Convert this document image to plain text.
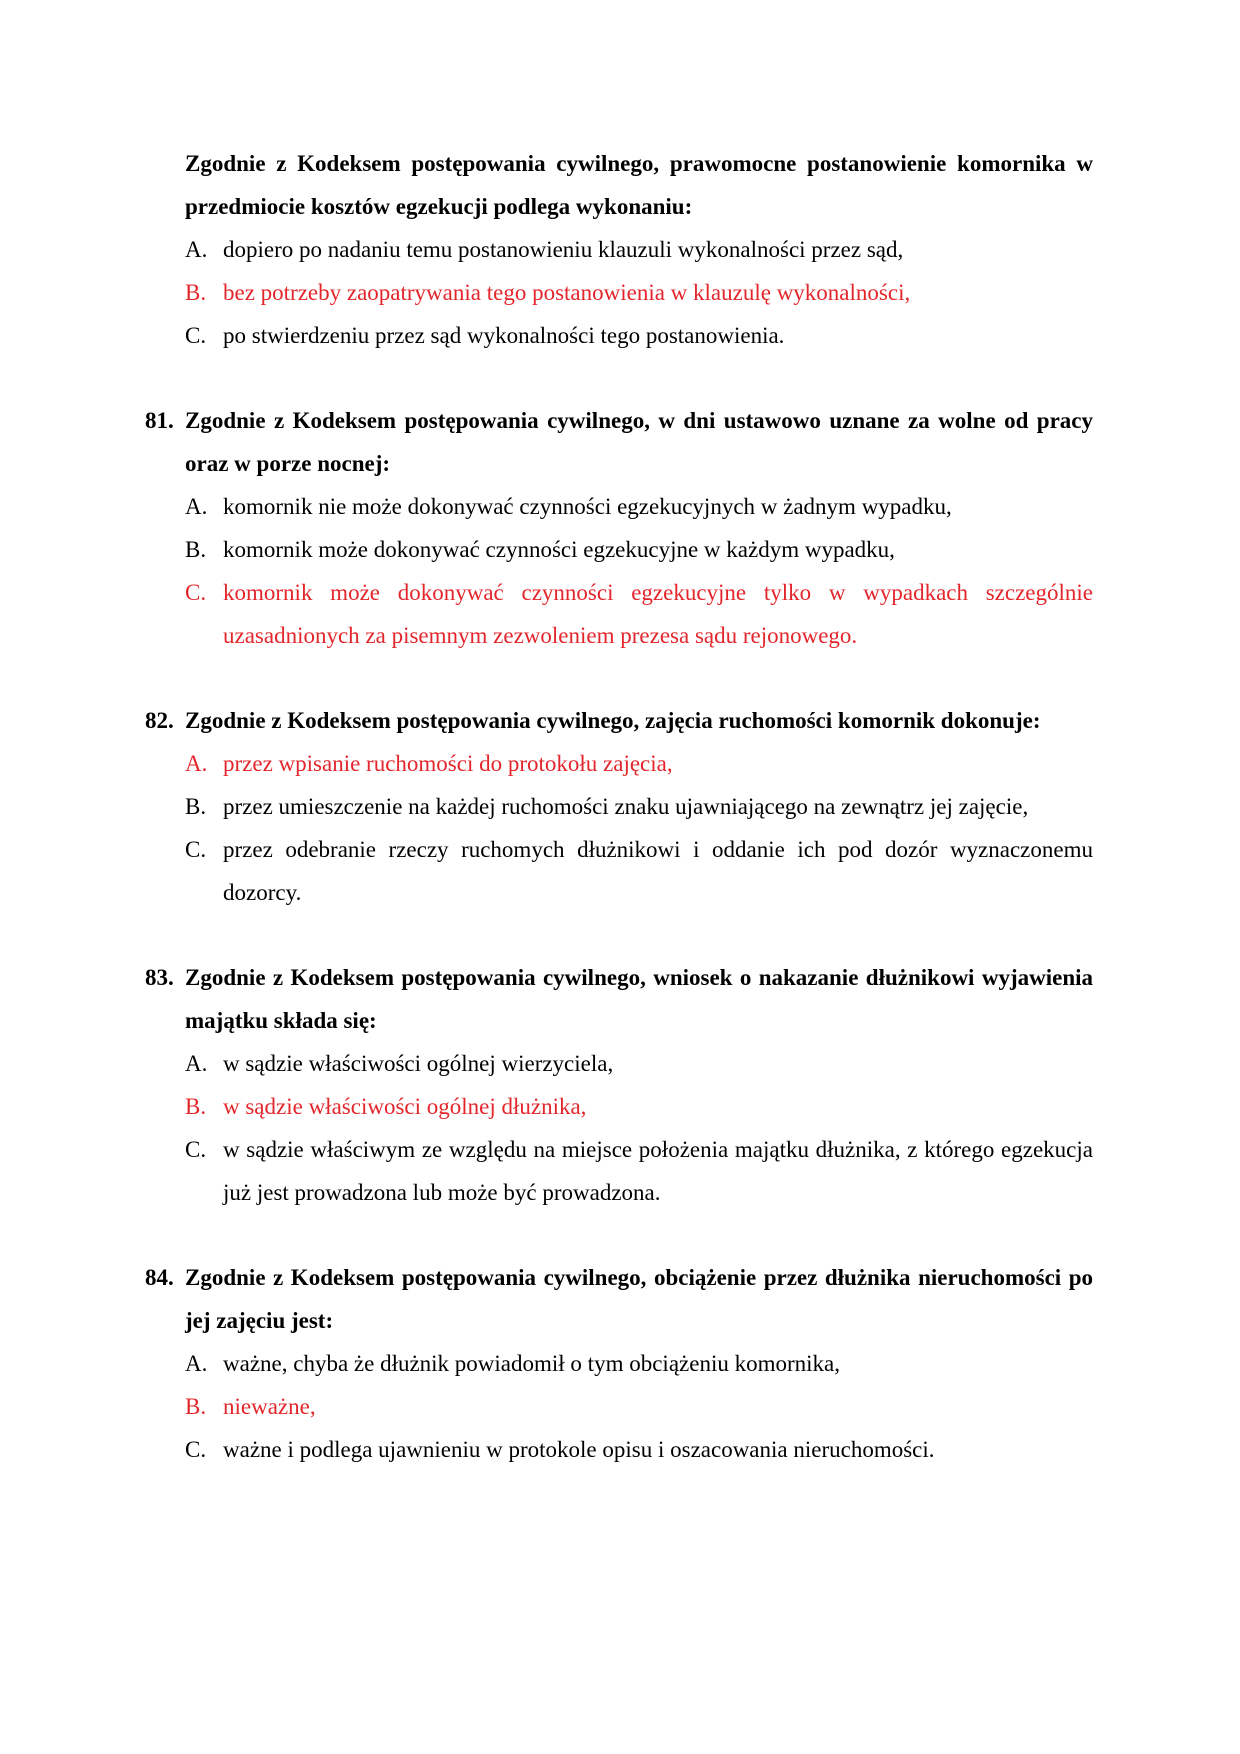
Zgodnie z Kodeksem postępowania cywilnego, prawomocne postanowienie komornika w przedmiocie kosztów egzekucji podlega wykonaniu:
A. dopiero po nadaniu temu postanowieniu klauzuli wykonalności przez sąd,
B. bez potrzeby zaopatrywania tego postanowienia w klauzulę wykonalności,
C. po stwierdzeniu przez sąd wykonalności tego postanowienia.
81. Zgodnie z Kodeksem postępowania cywilnego, w dni ustawowo uznane za wolne od pracy oraz w porze nocnej:
A. komornik nie może dokonywać czynności egzekucyjnych w żadnym wypadku,
B. komornik może dokonywać czynności egzekucyjne w każdym wypadku,
C. komornik może dokonywać czynności egzekucyjne tylko w wypadkach szczególnie uzasadnionych za pisemnym zezwoleniem prezesa sądu rejonowego.
82. Zgodnie z Kodeksem postępowania cywilnego, zajęcia ruchomości komornik dokonuje:
A. przez wpisanie ruchomości do protokołu zajęcia,
B. przez umieszczenie na każdej ruchomości znaku ujawniającego na zewnątrz jej zajęcie,
C. przez odebranie rzeczy ruchomych dłużnikowi i oddanie ich pod dozór wyznaczonemu dozorcy.
83. Zgodnie z Kodeksem postępowania cywilnego, wniosek o nakazanie dłużnikowi wyjawienia majątku składa się:
A. w sądzie właściwości ogólnej wierzyciela,
B. w sądzie właściwości ogólnej dłużnika,
C. w sądzie właściwym ze względu na miejsce położenia majątku dłużnika, z którego egzekucja już jest prowadzona lub może być prowadzona.
84. Zgodnie z Kodeksem postępowania cywilnego, obciążenie przez dłużnika nieruchomości po jej zajęciu jest:
A. ważne, chyba że dłużnik powiadomił o tym obciążeniu komornika,
B. nieważne,
C. ważne i podlega ujawnieniu w protokole opisu i oszacowania nieruchomości.
